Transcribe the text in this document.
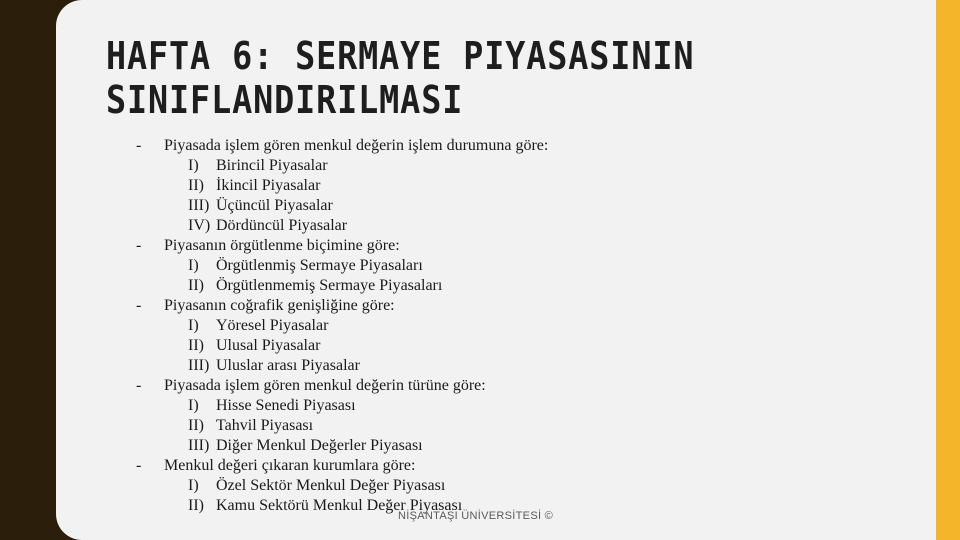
HAFTA 6: SERMAYE PIYASASININ
SINIFLANDIRILMASI
- Piyasada işlem gören menkul değerin işlem durumuna göre:
I) Birincil Piyasalar
II) İkincil Piyasalar
III) Üçüncül Piyasalar
IV) Dördüncül Piyasalar
- Piyasanın örgütlenme biçimine göre:
I) Örgütlenmiş Sermaye Piyasaları
II) Örgütlenmemiş Sermaye Piyasaları
- Piyasanın coğrafik genişliğine göre:
I) Yöresel Piyasalar
II) Ulusal Piyasalar
III) Uluslar arası Piyasalar
- Piyasada işlem gören menkul değerin türüne göre:
I) Hisse Senedi Piyasası
II) Tahvil Piyasası
III) Diğer Menkul Değerler Piyasası
- Menkul değeri çıkaran kurumlara göre:
I) Özel Sektör Menkul Değer Piyasası
II) Kamu Sektörü Menkul Değer Piyasası
NİŞANTAŞI ÜNİVERSİTESİ ©
